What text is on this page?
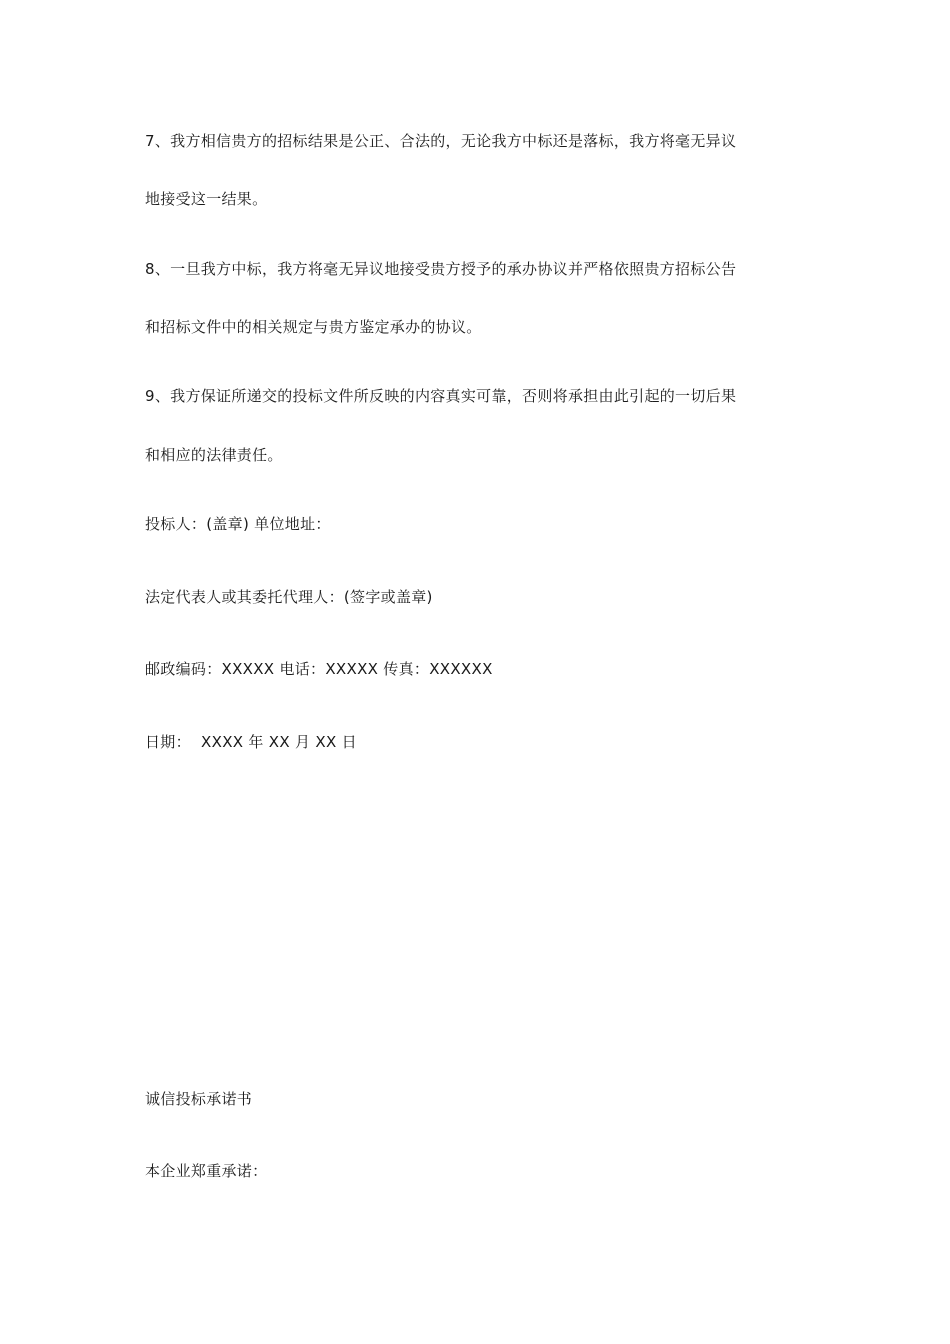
7、我方相信贵方的招标结果是公正、合法的，无论我方中标还是落标，我方将毫无异议
地接受这一结果。
8、一旦我方中标，我方将毫无异议地接受贵方授予的承办协议并严格依照贵方招标公告
和招标文件中的相关规定与贵方鉴定承办的协议。
9、我方保证所递交的投标文件所反映的内容真实可靠，否则将承担由此引起的一切后果
和相应的法律责任。
投标人：(盖章) 单位地址：
法定代表人或其委托代理人：(签字或盖章)
邮政编码：XXXXX 电话：XXXXX 传真：XXXXXX
日期：  XXXX 年 XX 月 XX 日
诚信投标承诺书
本企业郑重承诺：
